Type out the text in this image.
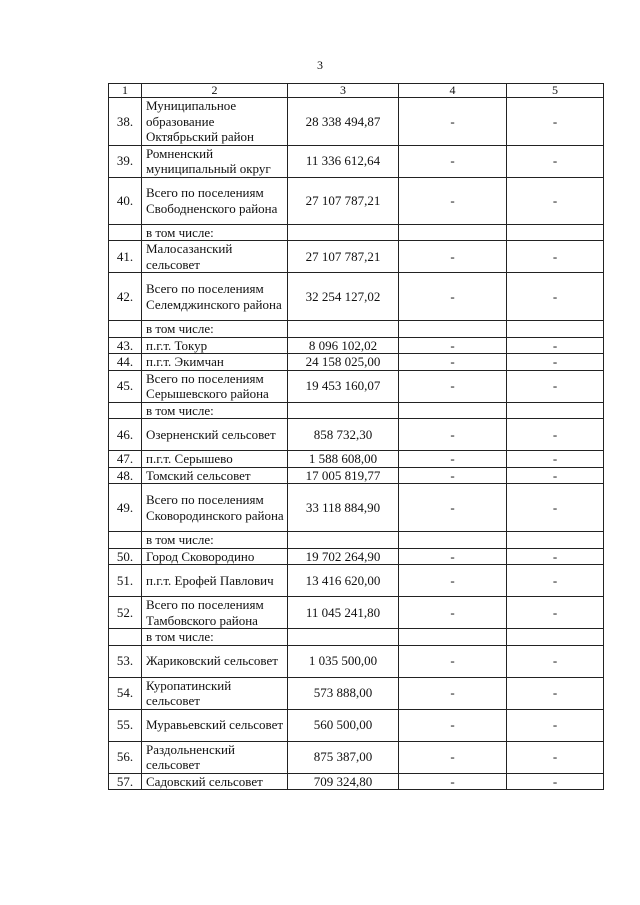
3
1	2	3	4	5
38.	Муниципальное образование Октябрьский район	28 338 494,87	-	-
39.	Ромненский муниципальный округ	11 336 612,64	-	-
40.	Всего по поселениям Свободненского района	27 107 787,21	-	-
	в том числе:			
41.	Малосазанский сельсовет	27 107 787,21	-	-
42.	Всего по поселениям Селемджинского района	32 254 127,02	-	-
	в том числе:			
43.	п.г.т. Токур	8 096 102,02	-	-
44.	п.г.т. Экимчан	24 158 025,00	-	-
45.	Всего по поселениям Серышевского района	19 453 160,07	-	-
	в том числе:			
46.	Озерненский сельсовет	858 732,30	-	-
47.	п.г.т. Серышево	1 588 608,00	-	-
48.	Томский сельсовет	17 005 819,77	-	-
49.	Всего по поселениям Сковородинского района	33 118 884,90	-	-
	в том числе:			
50.	Город Сковородино	19 702 264,90	-	-
51.	п.г.т. Ерофей Павлович	13 416 620,00	-	-
52.	Всего по поселениям Тамбовского района	11 045 241,80	-	-
	в том числе:			
53.	Жариковский сельсовет	1 035 500,00	-	-
54.	Куропатинский сельсовет	573 888,00	-	-
55.	Муравьевский сельсовет	560 500,00	-	-
56.	Раздольненский сельсовет	875 387,00	-	-
57.	Садовский сельсовет	709 324,80	-	-
